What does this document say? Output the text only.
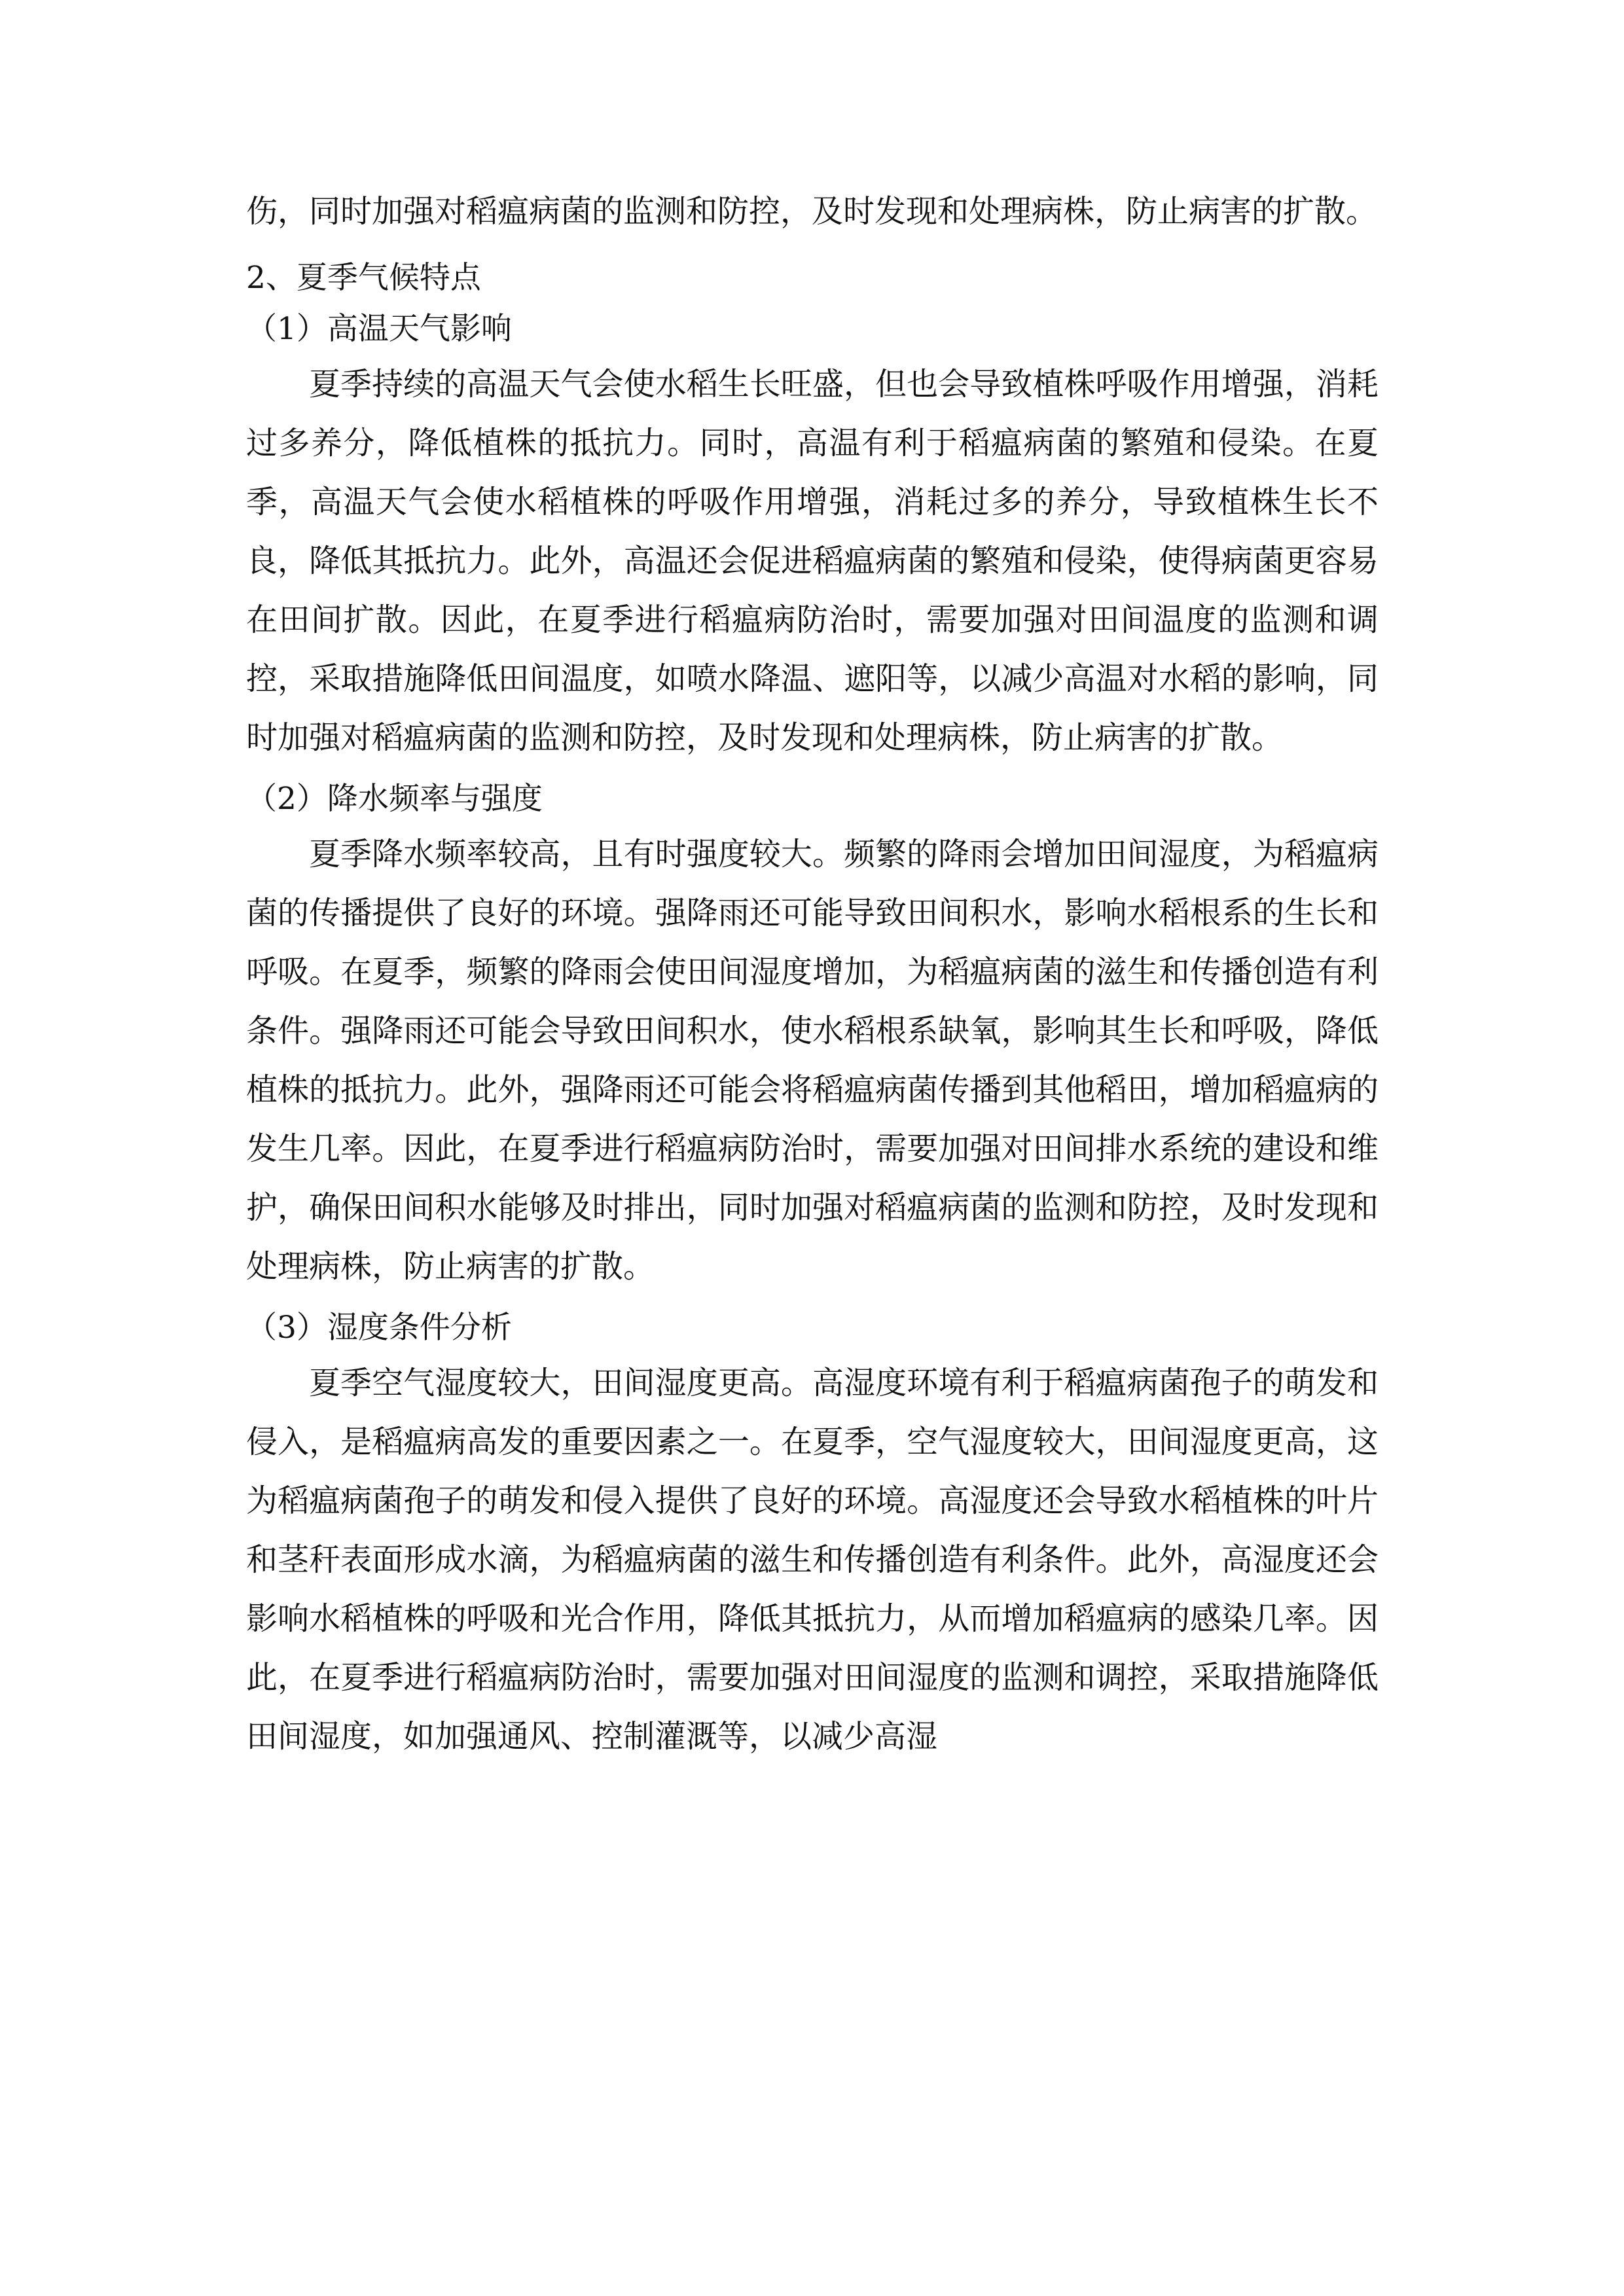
伤，同时加强对稻瘟病菌的监测和防控，及时发现和处理病株，防止病害的扩散。

2、夏季气候特点

（1）高温天气影响

夏季持续的高温天气会使水稻生长旺盛，但也会导致植株呼吸作用增强，消耗过多养分，降低植株的抵抗力。同时，高温有利于稻瘟病菌的繁殖和侵染。在夏季，高温天气会使水稻植株的呼吸作用增强，消耗过多的养分，导致植株生长不良，降低其抵抗力。此外，高温还会促进稻瘟病菌的繁殖和侵染，使得病菌更容易在田间扩散。因此，在夏季进行稻瘟病防治时，需要加强对田间温度的监测和调控，采取措施降低田间温度，如喷水降温、遮阳等，以减少高温对水稻的影响，同时加强对稻瘟病菌的监测和防控，及时发现和处理病株，防止病害的扩散。

（2）降水频率与强度

夏季降水频率较高，且有时强度较大。频繁的降雨会增加田间湿度，为稻瘟病菌的传播提供了良好的环境。强降雨还可能导致田间积水，影响水稻根系的生长和呼吸。在夏季，频繁的降雨会使田间湿度增加，为稻瘟病菌的滋生和传播创造有利条件。强降雨还可能会导致田间积水，使水稻根系缺氧，影响其生长和呼吸，降低植株的抵抗力。此外，强降雨还可能会将稻瘟病菌传播到其他稻田，增加稻瘟病的发生几率。因此，在夏季进行稻瘟病防治时，需要加强对田间排水系统的建设和维护，确保田间积水能够及时排出，同时加强对稻瘟病菌的监测和防控，及时发现和处理病株，防止病害的扩散。

（3）湿度条件分析

夏季空气湿度较大，田间湿度更高。高湿度环境有利于稻瘟病菌孢子的萌发和侵入，是稻瘟病高发的重要因素之一。在夏季，空气湿度较大，田间湿度更高，这为稻瘟病菌孢子的萌发和侵入提供了良好的环境。高湿度还会导致水稻植株的叶片和茎秆表面形成水滴，为稻瘟病菌的滋生和传播创造有利条件。此外，高湿度还会影响水稻植株的呼吸和光合作用，降低其抵抗力，从而增加稻瘟病的感染几率。因此，在夏季进行稻瘟病防治时，需要加强对田间湿度的监测和调控，采取措施降低田间湿度，如加强通风、控制灌溉等，以减少高湿
